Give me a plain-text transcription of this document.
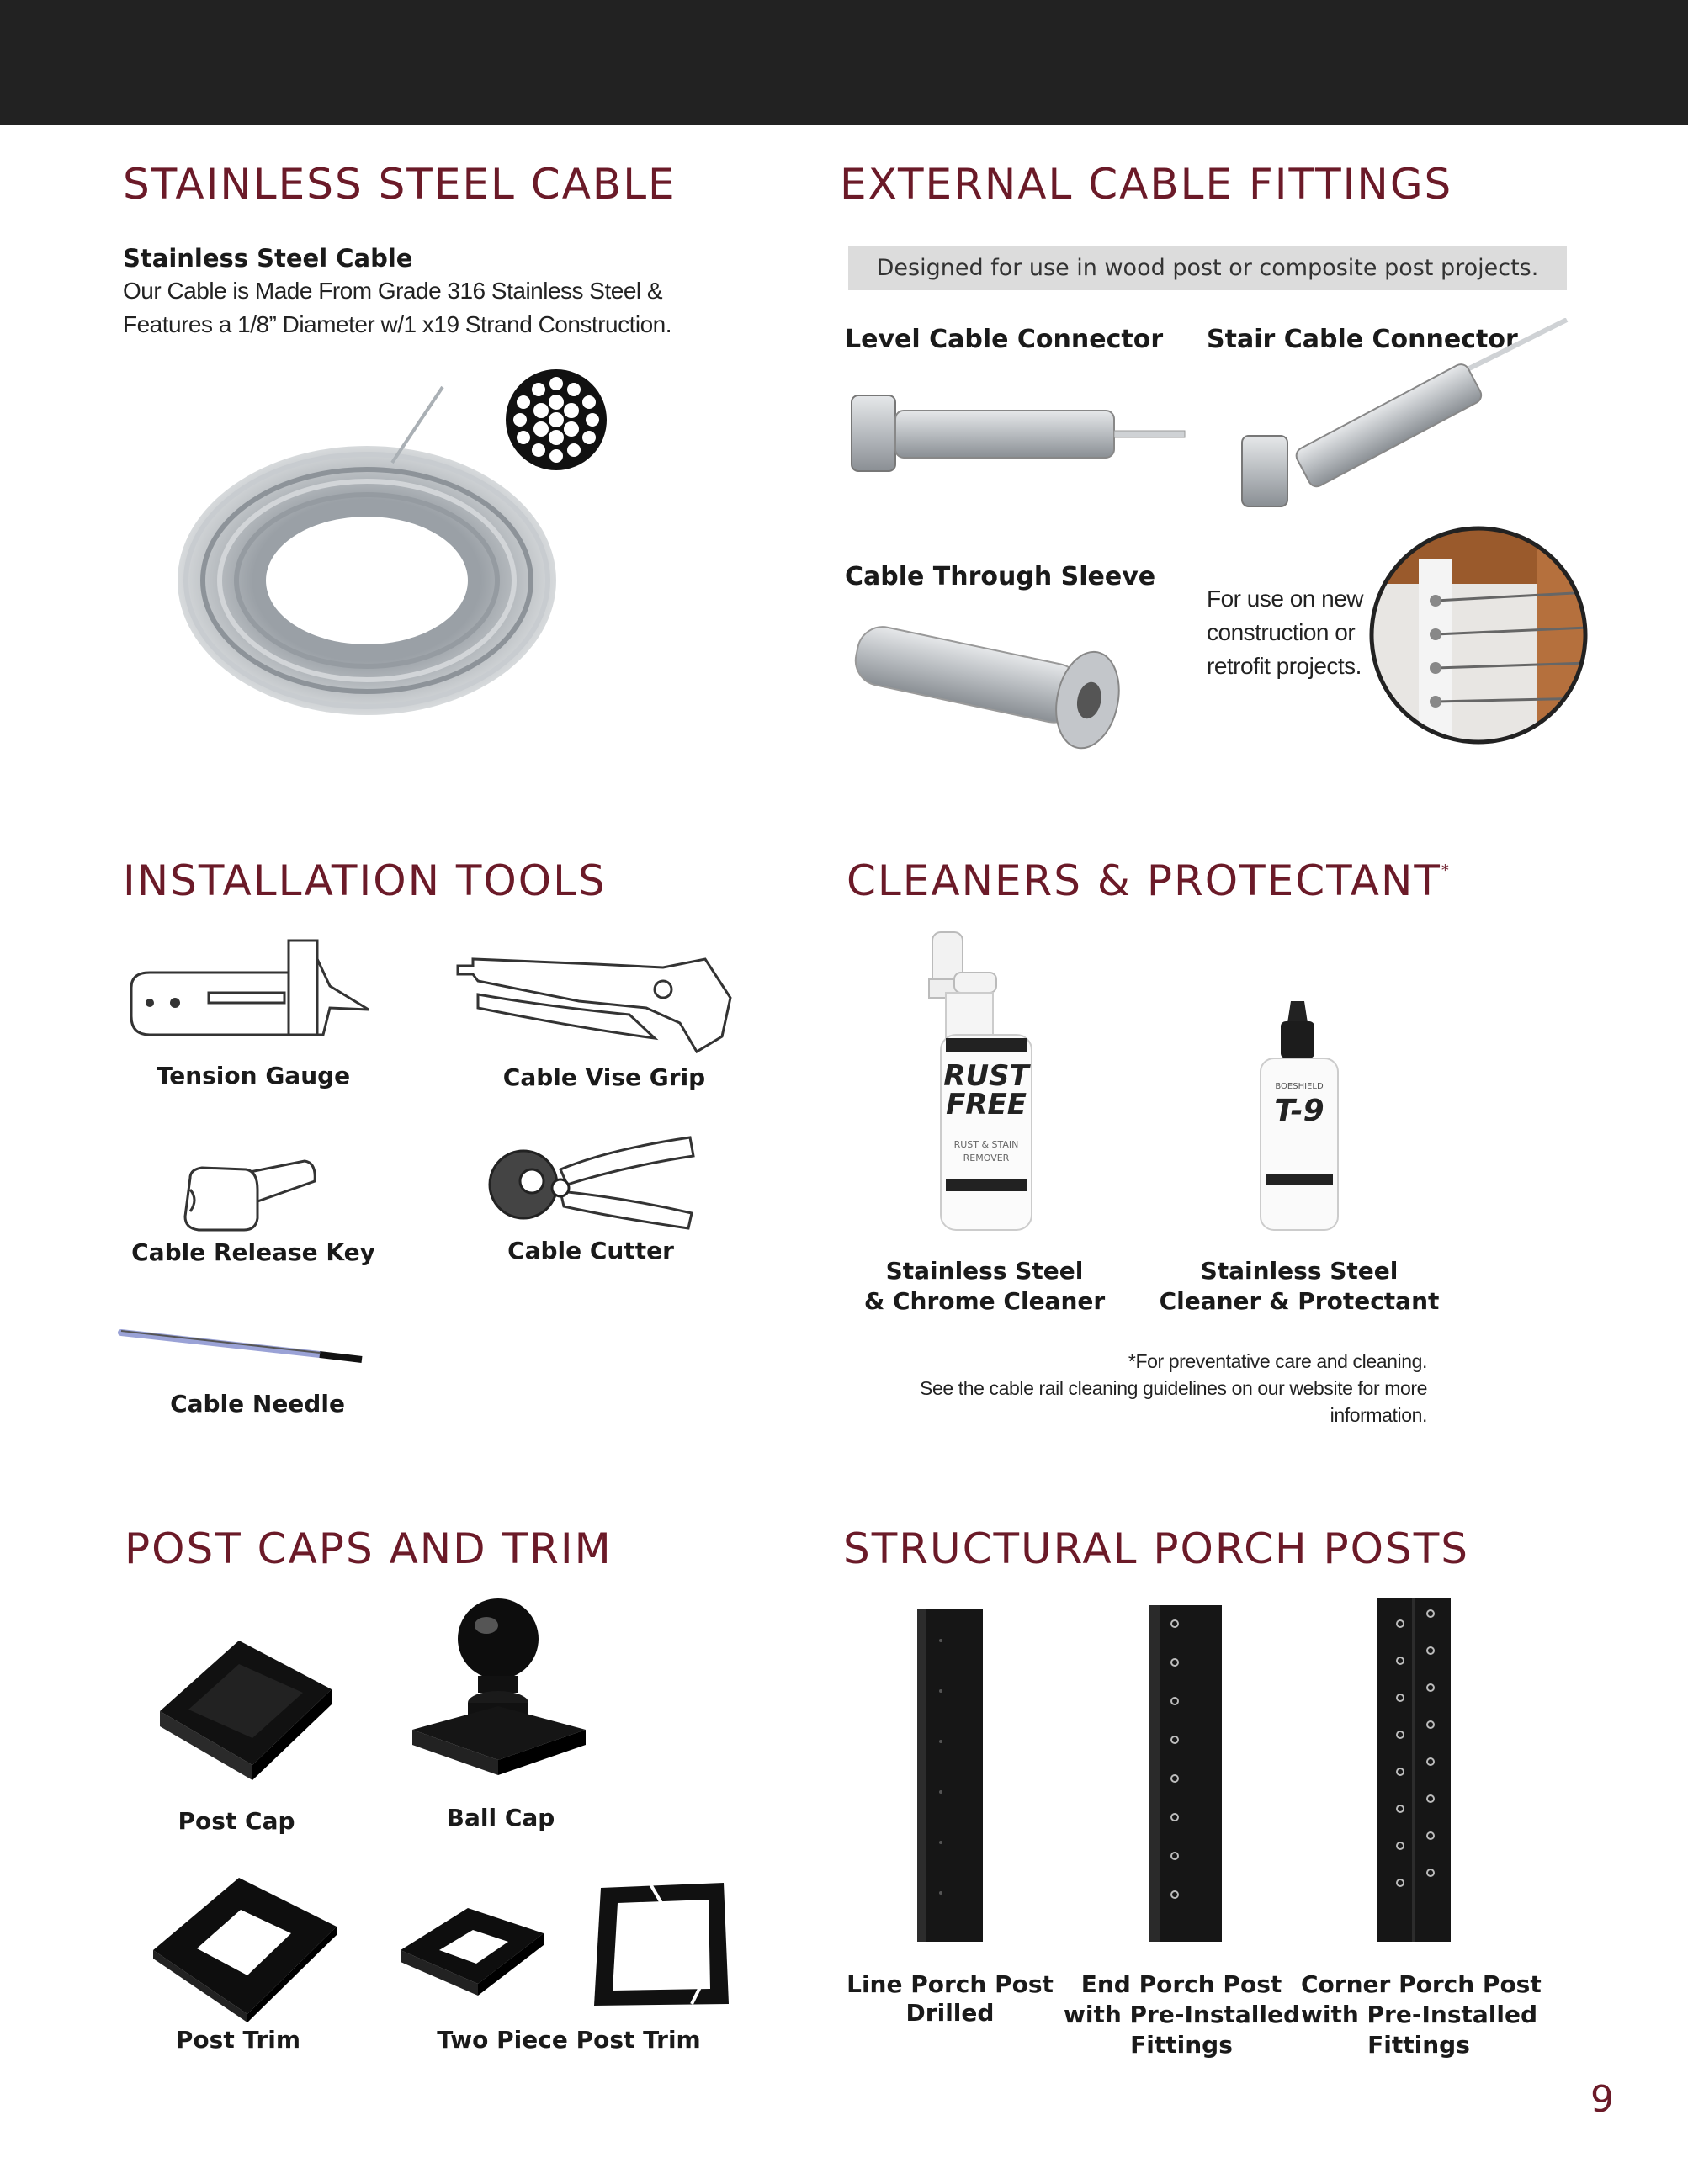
STAINLESS STEEL CABLE
Stainless Steel Cable
Our Cable is Made From Grade 316 Stainless Steel &
Features a 1/8” Diameter w/1 x19 Strand Construction.
EXTERNAL CABLE FITTINGS
Designed for use in wood post or composite post projects.
Level Cable Connector Stair Cable Connector
Cable Through Sleeve
For use on new
construction or
retrofit projects.
INSTALLATION TOOLS
Tension Gauge	Cable Vise Grip
Cable Release Key	Cable Cutter
Cable Needle
CLEANERS & PROTECTANT*
RUST
FREE
RUST & STAIN
REMOVER
BOESHIELD
T-9
Stainless Steel
& Chrome Cleaner
Stainless Steel
Cleaner & Protectant
*For preventative care and cleaning.
See the cable rail cleaning guidelines on our website for more information.
POST CAPS AND TRIM
Post Cap	Ball Cap
Post Trim	Two Piece Post Trim
STRUCTURAL PORCH POSTS
Line Porch Post
Drilled
End Porch Post
with Pre-Installed
Fittings
Corner Porch Post
with Pre-Installed
Fittings
9
